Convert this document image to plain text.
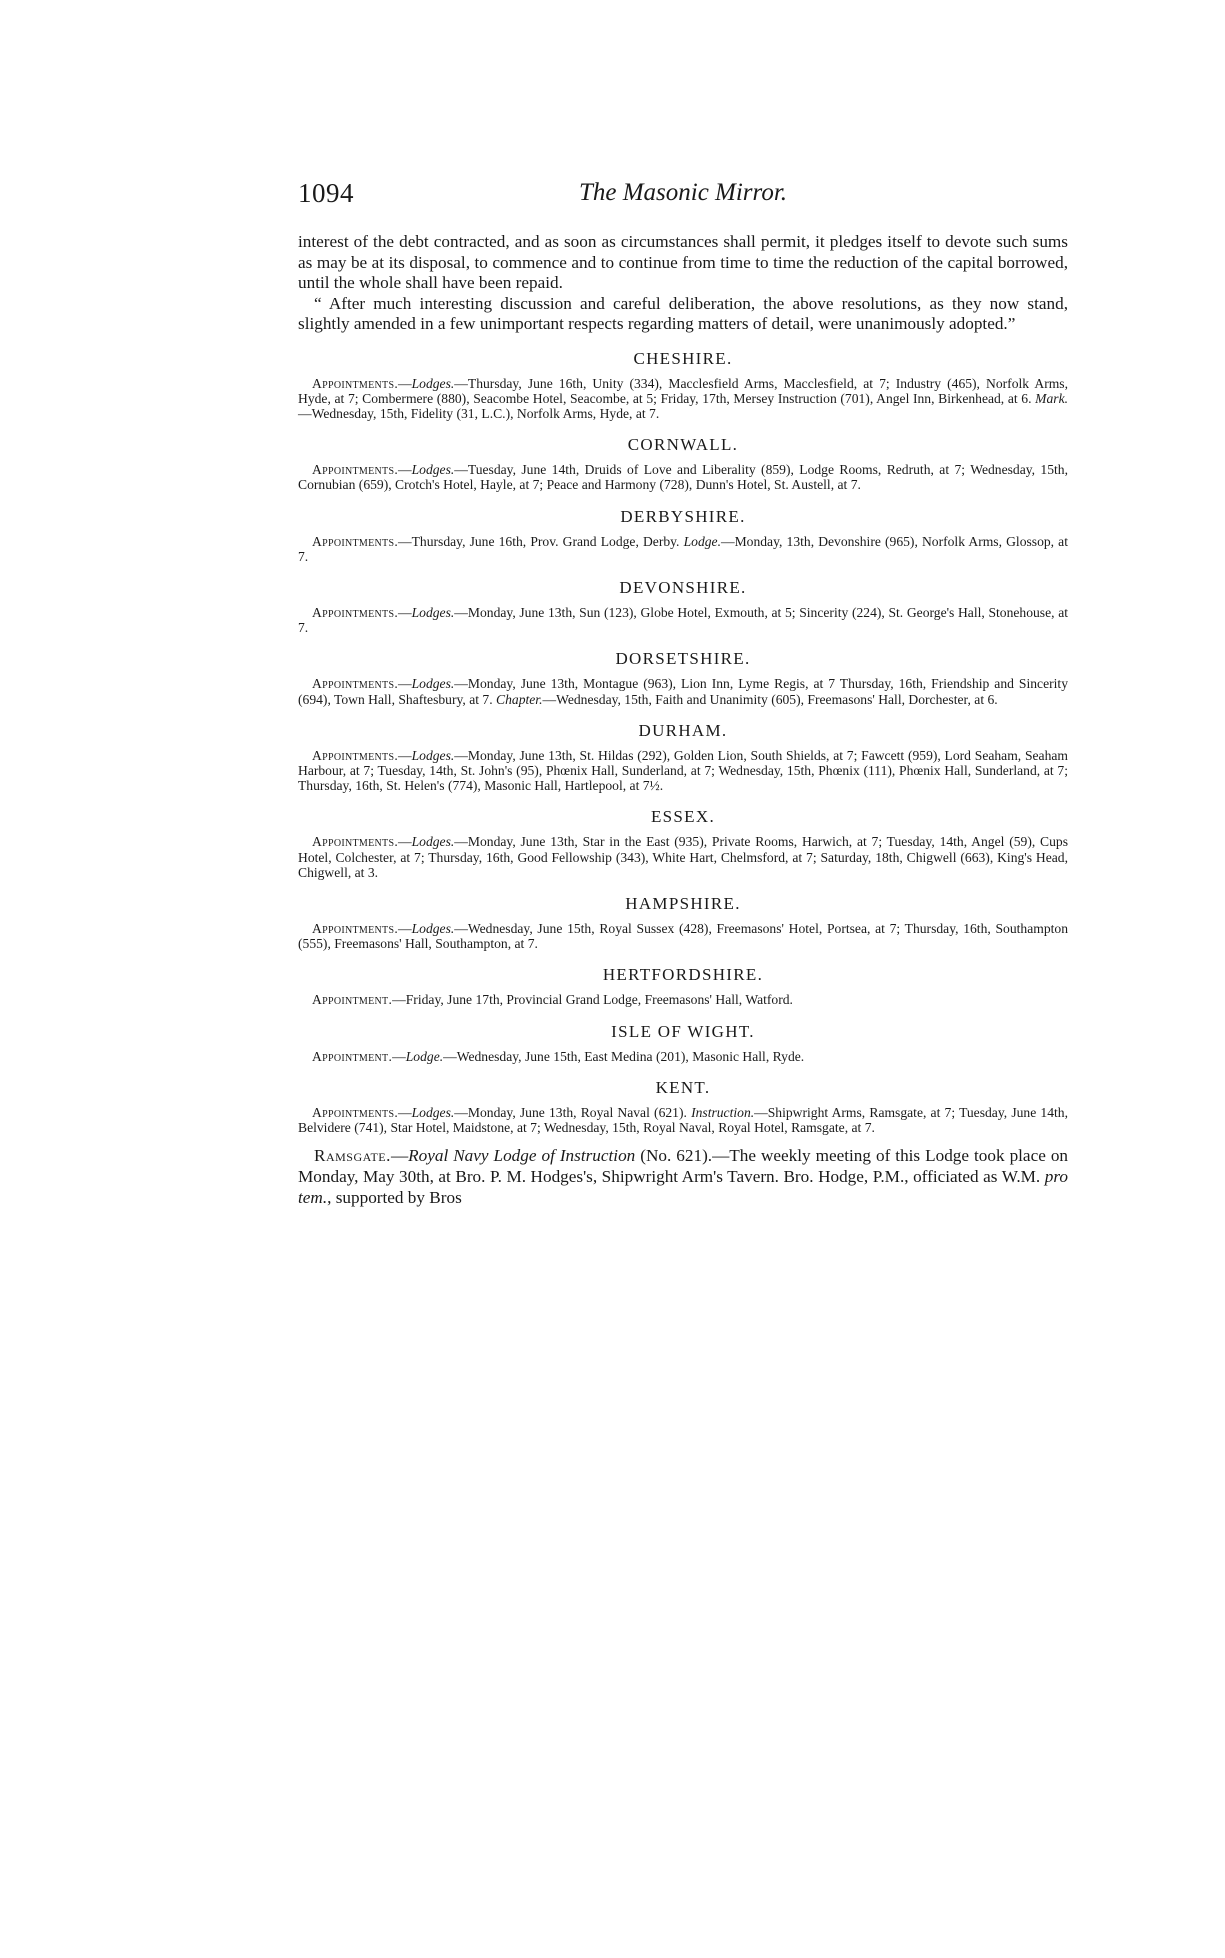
1094	The Masonic Mirror.

interest of the debt contracted, and as soon as circumstances shall permit, it pledges itself to devote such sums as may be at its disposal, to commence and to continue from time to time the reduction of the capital borrowed, until the whole shall have been repaid.

“ After much interesting discussion and careful deliberation, the above resolutions, as they now stand, slightly amended in a few unimportant respects regarding matters of detail, were unanimously adopted.”

CHESHIRE.

Appointments.—Lodges.—Thursday, June 16th, Unity (334), Macclesfield Arms, Macclesfield, at 7; Industry (465), Norfolk Arms, Hyde, at 7; Combermere (880), Seacombe Hotel, Seacombe, at 5; Friday, 17th, Mersey Instruction (701), Angel Inn, Birkenhead, at 6. Mark.—Wednesday, 15th, Fidelity (31, L.C.), Norfolk Arms, Hyde, at 7.

CORNWALL.

Appointments.—Lodges.—Tuesday, June 14th, Druids of Love and Liberality (859), Lodge Rooms, Redruth, at 7; Wednesday, 15th, Cornubian (659), Crotch's Hotel, Hayle, at 7; Peace and Harmony (728), Dunn's Hotel, St. Austell, at 7.

DERBYSHIRE.

Appointments.—Thursday, June 16th, Prov. Grand Lodge, Derby. Lodge.—Monday, 13th, Devonshire (965), Norfolk Arms, Glossop, at 7.

DEVONSHIRE.

Appointments.—Lodges.—Monday, June 13th, Sun (123), Globe Hotel, Exmouth, at 5; Sincerity (224), St. George's Hall, Stonehouse, at 7.

DORSETSHIRE.

Appointments.—Lodges.—Monday, June 13th, Montague (963), Lion Inn, Lyme Regis, at 7 Thursday, 16th, Friendship and Sincerity (694), Town Hall, Shaftesbury, at 7. Chapter.—Wednesday, 15th, Faith and Unanimity (605), Freemasons' Hall, Dorchester, at 6.

DURHAM.

Appointments.—Lodges.—Monday, June 13th, St. Hildas (292), Golden Lion, South Shields, at 7; Fawcett (959), Lord Seaham, Seaham Harbour, at 7; Tuesday, 14th, St. John's (95), Phœnix Hall, Sunderland, at 7; Wednesday, 15th, Phœnix (111), Phœnix Hall, Sunderland, at 7; Thursday, 16th, St. Helen's (774), Masonic Hall, Hartlepool, at 7½.

ESSEX.

Appointments.—Lodges.—Monday, June 13th, Star in the East (935), Private Rooms, Harwich, at 7; Tuesday, 14th, Angel (59), Cups Hotel, Colchester, at 7; Thursday, 16th, Good Fellowship (343), White Hart, Chelmsford, at 7; Saturday, 18th, Chigwell (663), King's Head, Chigwell, at 3.

HAMPSHIRE.

Appointments.—Lodges.—Wednesday, June 15th, Royal Sussex (428), Freemasons' Hotel, Portsea, at 7; Thursday, 16th, Southampton (555), Freemasons' Hall, Southampton, at 7.

HERTFORDSHIRE.

Appointment.—Friday, June 17th, Provincial Grand Lodge, Freemasons' Hall, Watford.

ISLE OF WIGHT.

Appointment.—Lodge.—Wednesday, June 15th, East Medina (201), Masonic Hall, Ryde.

KENT.

Appointments.—Lodges.—Monday, June 13th, Royal Naval (621). Instruction.—Shipwright Arms, Ramsgate, at 7; Tuesday, June 14th, Belvidere (741), Star Hotel, Maidstone, at 7; Wednesday, 15th, Royal Naval, Royal Hotel, Ramsgate, at 7.

Ramsgate.—Royal Navy Lodge of Instruction (No. 621).—The weekly meeting of this Lodge took place on Monday, May 30th, at Bro. P. M. Hodges's, Shipwright Arm's Tavern. Bro. Hodge, P.M., officiated as W.M. pro tem., supported by Bros
